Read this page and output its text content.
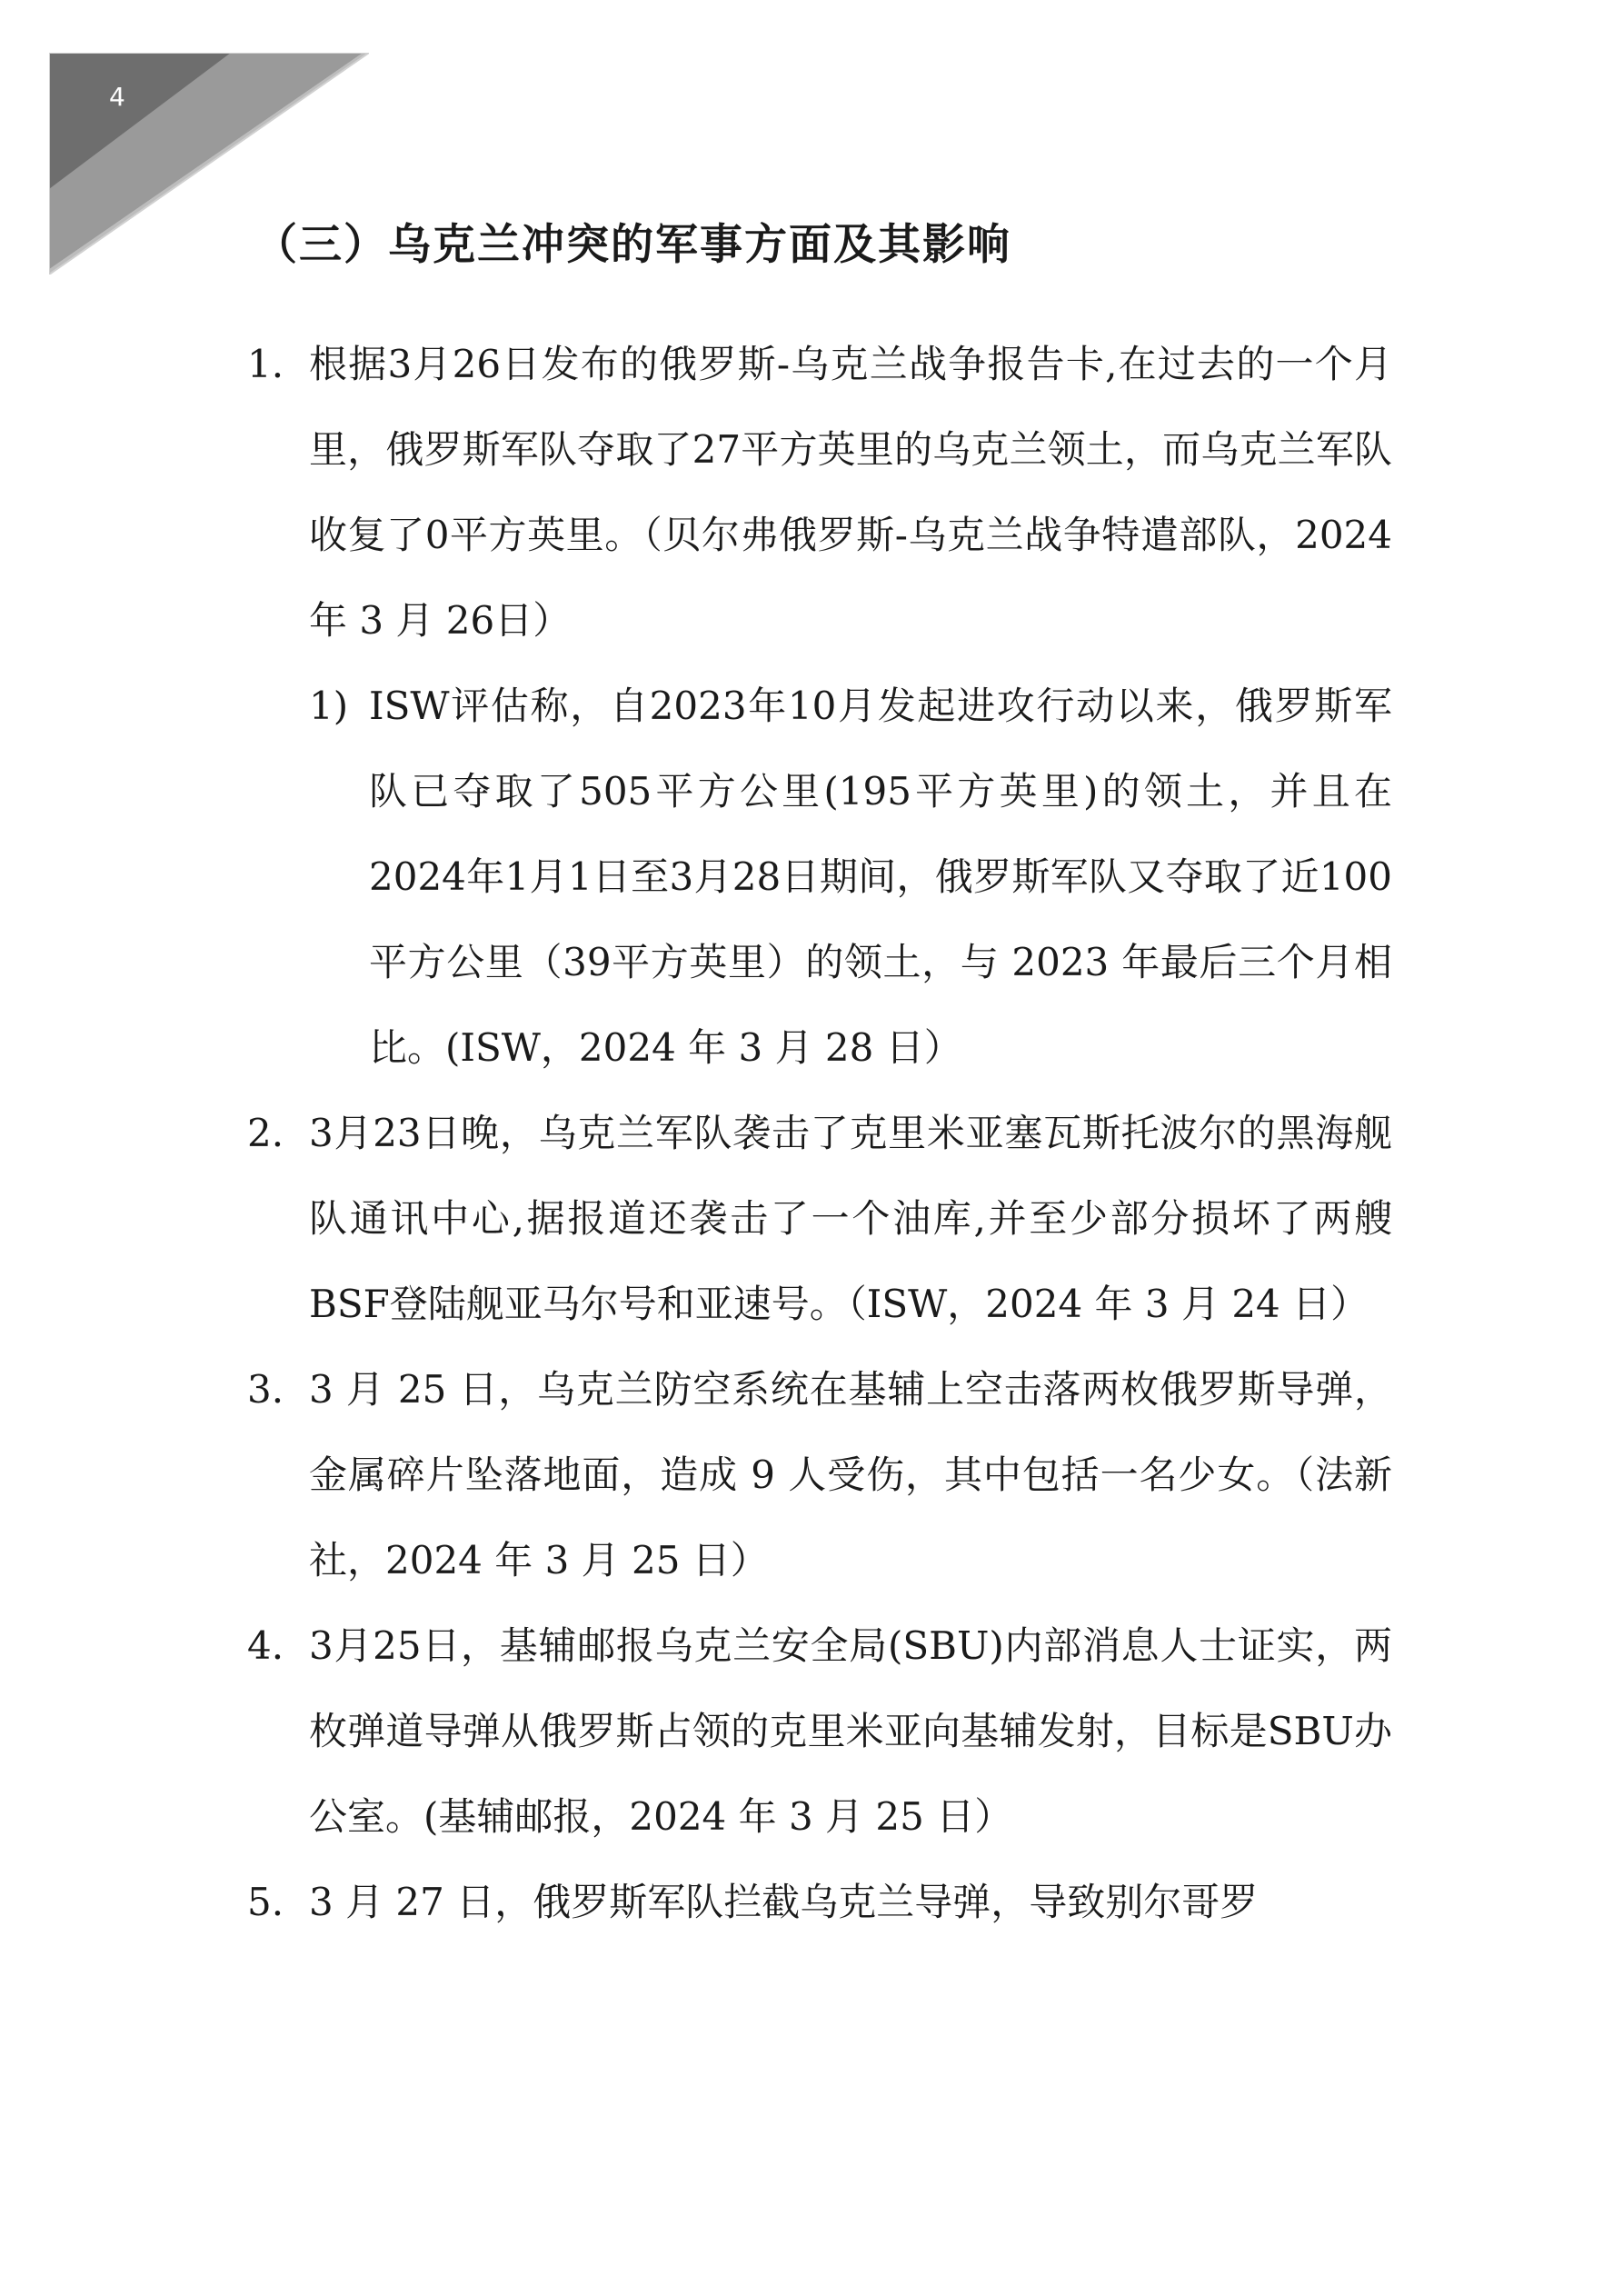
4
（三）乌克兰冲突的军事方面及其影响
1. 根据3月26日发布的俄罗斯-乌克兰战争报告卡,在过去的一个月里，俄罗斯军队夺取了27平方英里的乌克兰领土，而乌克兰军队收复了0平方英里。（贝尔弗俄罗斯-乌克兰战争特遣部队，2024 年 3 月 26日）
1) ISW评估称，自2023年10月发起进攻行动以来，俄罗斯军队已夺取了505平方公里(195平方英里)的领土，并且在2024年1月1日至3月28日期间，俄罗斯军队又夺取了近100平方公里（39平方英里）的领土，与 2023 年最后三个月相比。(ISW，2024 年 3 月 28 日）
2. 3月23日晚，乌克兰军队袭击了克里米亚塞瓦斯托波尔的黑海舰队通讯中心,据报道还袭击了一个油库,并至少部分损坏了两艘BSF登陆舰亚马尔号和亚速号。（ISW，2024 年 3 月 24 日）
3. 3 月 25 日，乌克兰防空系统在基辅上空击落两枚俄罗斯导弹，金属碎片坠落地面，造成 9 人受伤，其中包括一名少女。（法新社，2024 年 3 月 25 日）
4. 3月25日，基辅邮报乌克兰安全局(SBU)内部消息人士证实，两枚弹道导弹从俄罗斯占领的克里米亚向基辅发射，目标是SBU办公室。(基辅邮报，2024 年 3 月 25 日）
5. 3 月 27 日，俄罗斯军队拦截乌克兰导弹，导致别尔哥罗
